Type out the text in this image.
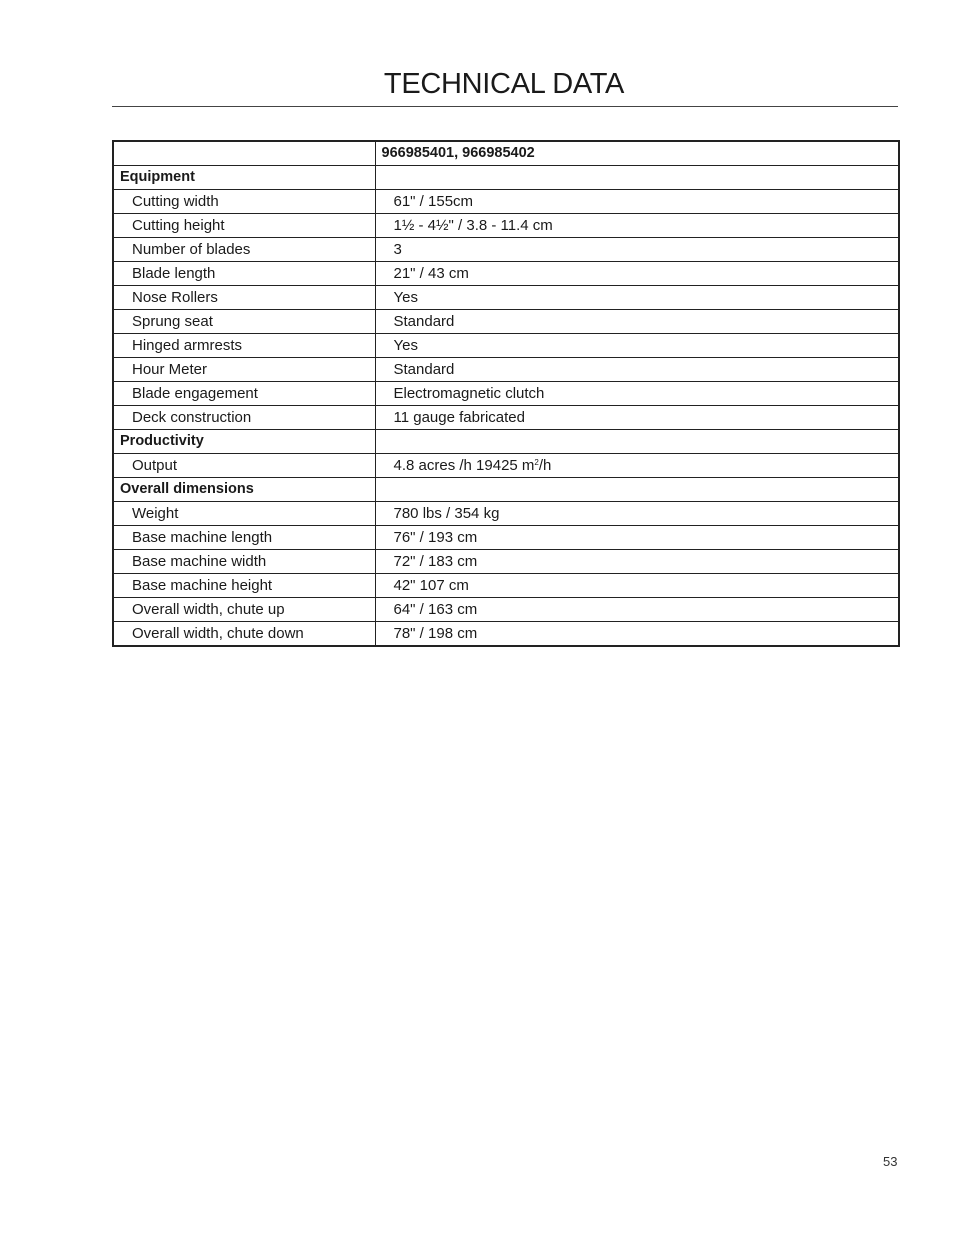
TECHNICAL DATA
	966985401, 966985402
Equipment	
Cutting width	61" / 155cm
Cutting height	1½ - 4½" / 3.8 - 11.4 cm
Number of blades	3
Blade length	21" / 43 cm
Nose Rollers	Yes
Sprung seat	Standard
Hinged armrests	Yes
Hour Meter	Standard
Blade engagement	Electromagnetic clutch
Deck construction	11 gauge fabricated
Productivity	
Output	4.8 acres /h 19425 $m^2/h$
Overall dimensions	
Weight	780 lbs / 354 kg
Base machine length	76" / 193 cm
Base machine width	72" / 183 cm
Base machine height	42" 107 cm
Overall width, chute up	64" / 163 cm
Overall width, chute down	78" / 198 cm
53
